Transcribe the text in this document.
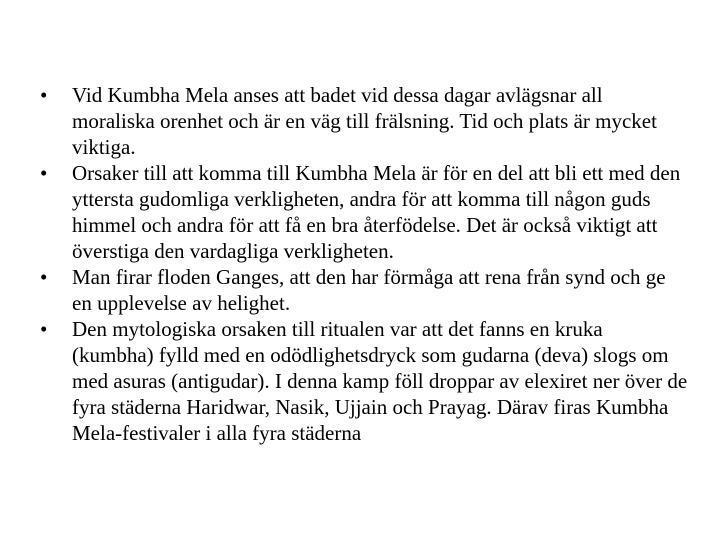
•	Vid Kumbha Mela anses att badet vid dessa dagar avlägsnar all moraliska orenhet och är en väg till frälsning. Tid och plats är mycket viktiga.
•	Orsaker till att komma till Kumbha Mela är för en del att bli ett med den yttersta gudomliga verkligheten, andra för att komma till någon guds himmel och andra för att få en bra återfödelse. Det är också viktigt att överstiga den vardagliga verkligheten.
•	Man firar floden Ganges, att den har förmåga att rena från synd och ge en upplevelse av helighet.
•	Den mytologiska orsaken till ritualen var att det fanns en kruka (kumbha) fylld med en odödlighetsdryck som gudarna (deva) slogs om med asuras (antigudar). I denna kamp föll droppar av elexiret ner över de fyra städerna Haridwar, Nasik, Ujjain och Prayag. Därav firas Kumbha Mela-festivaler i alla fyra städerna
